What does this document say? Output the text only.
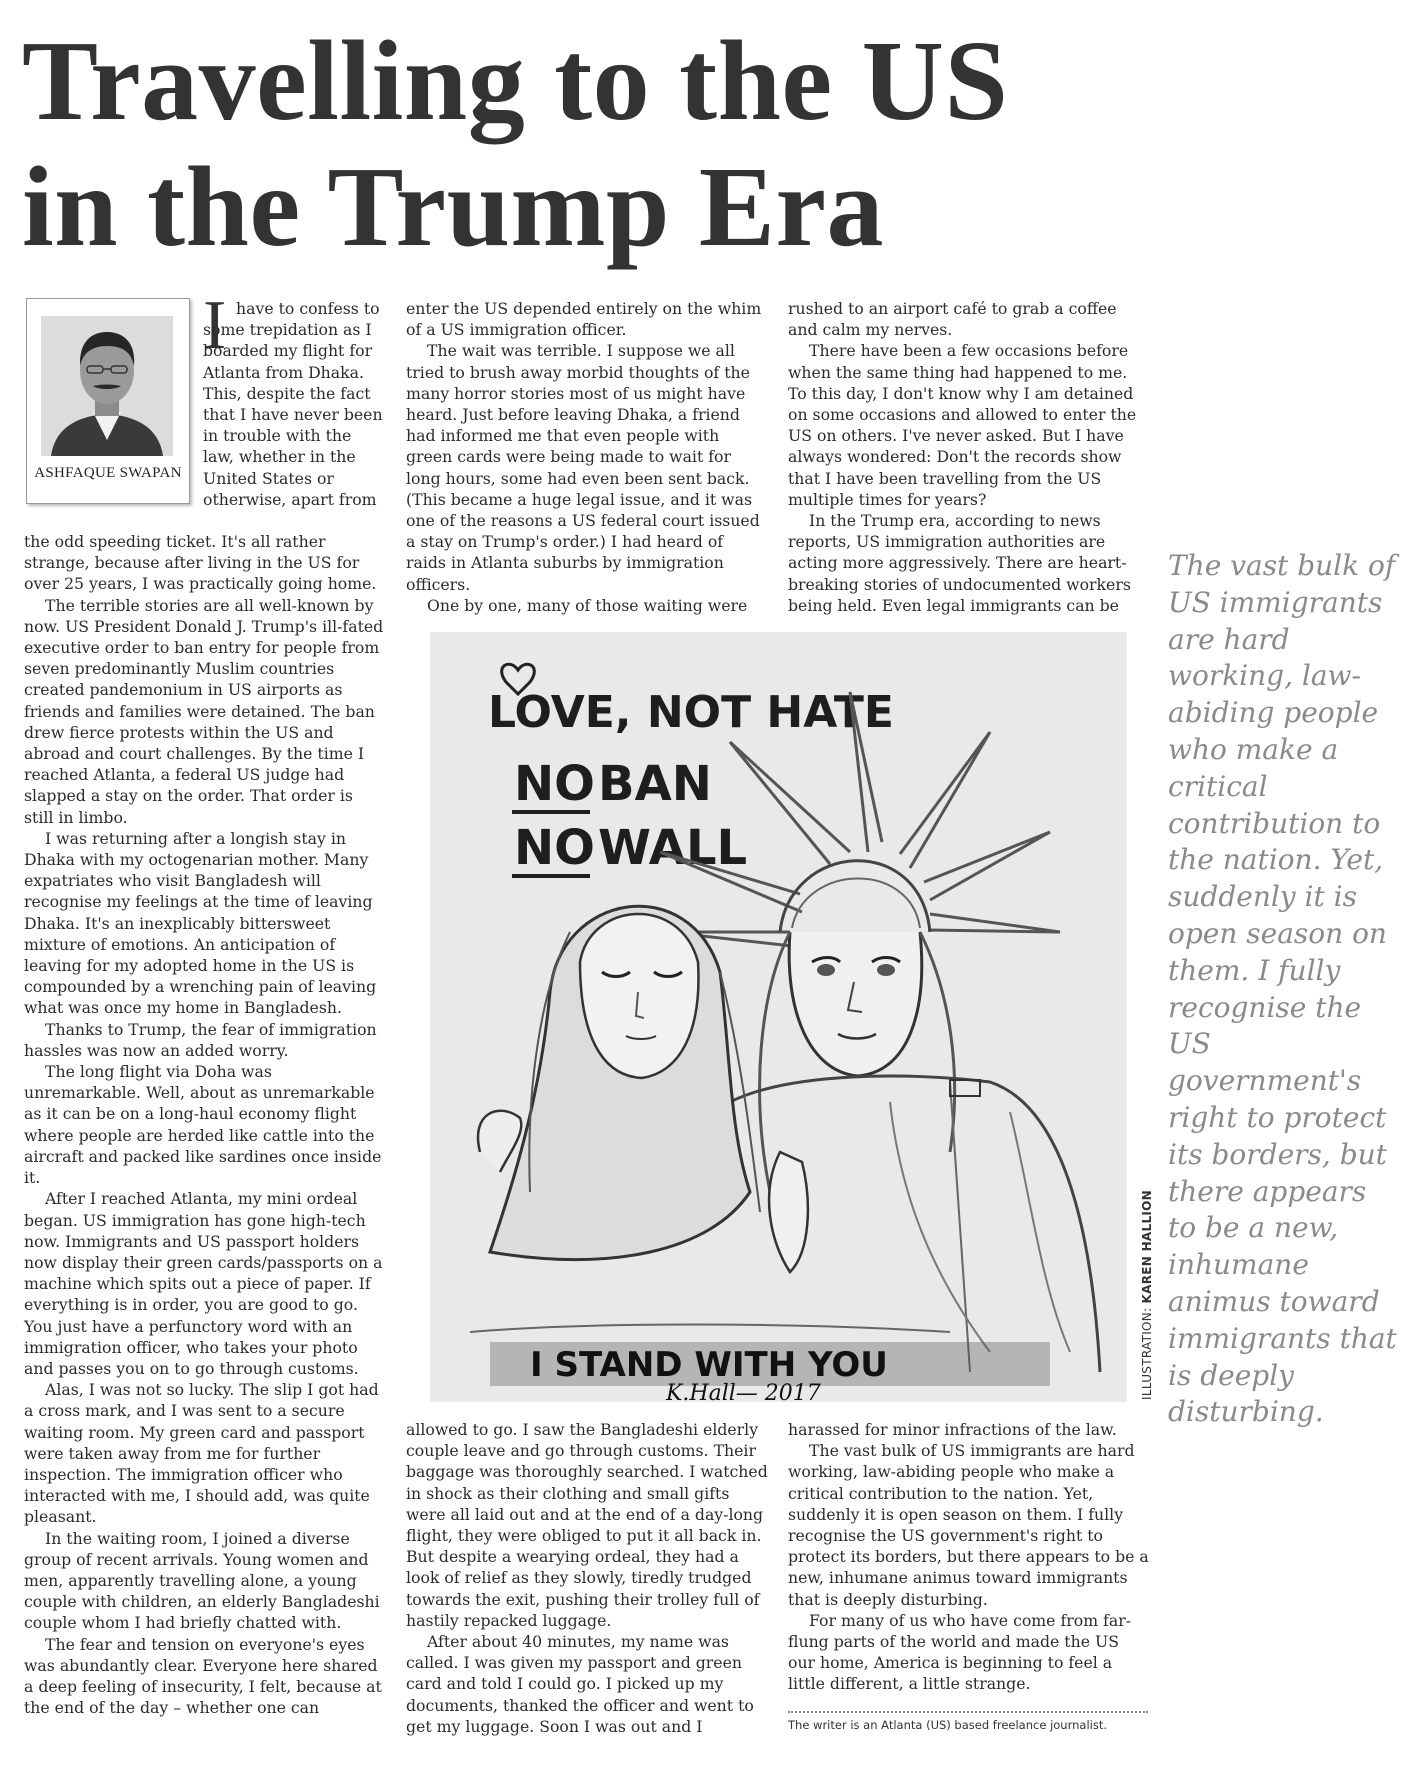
Travelling to the US
in the Trump Era
ASHFAQUE SWAPAN
I have to confess to some trepidation as I boarded my flight for Atlanta from Dhaka. This, despite the fact that I have never been in trouble with the law, whether in the United States or otherwise, apart from

the odd speeding ticket. It's all rather strange, because after living in the US for over 25 years, I was practically going home.

The terrible stories are all well-known by now. US President Donald J. Trump's ill-fated executive order to ban entry for people from seven predominantly Muslim countries created pandemonium in US airports as friends and families were detained. The ban drew fierce protests within the US and abroad and court challenges. By the time I reached Atlanta, a federal US judge had slapped a stay on the order. That order is still in limbo.

I was returning after a longish stay in Dhaka with my octogenarian mother. Many expatriates who visit Bangladesh will recognise my feelings at the time of leaving Dhaka. It's an inexplicably bittersweet mixture of emotions. An anticipation of leaving for my adopted home in the US is compounded by a wrenching pain of leaving what was once my home in Bangladesh.

Thanks to Trump, the fear of immigration hassles was now an added worry.

The long flight via Doha was unremarkable. Well, about as unremarkable as it can be on a long-haul economy flight where people are herded like cattle into the aircraft and packed like sardines once inside it.

After I reached Atlanta, my mini ordeal began. US immigration has gone high-tech now. Immigrants and US passport holders now display their green cards/passports on a machine which spits out a piece of paper. If everything is in order, you are good to go. You just have a perfunctory word with an immigration officer, who takes your photo and passes you on to go through customs.

Alas, I was not so lucky. The slip I got had a cross mark, and I was sent to a secure waiting room. My green card and passport were taken away from me for further inspection. The immigration officer who interacted with me, I should add, was quite pleasant.

In the waiting room, I joined a diverse group of recent arrivals. Young women and men, apparently travelling alone, a young couple with children, an elderly Bangladeshi couple whom I had briefly chatted with.

The fear and tension on everyone's eyes was abundantly clear. Everyone here shared a deep feeling of insecurity, I felt, because at the end of the day – whether one can

enter the US depended entirely on the whim of a US immigration officer.

The wait was terrible. I suppose we all tried to brush away morbid thoughts of the many horror stories most of us might have heard. Just before leaving Dhaka, a friend had informed me that even people with green cards were being made to wait for long hours, some had even been sent back. (This became a huge legal issue, and it was one of the reasons a US federal court issued a stay on Trump's order.) I had heard of raids in Atlanta suburbs by immigration officers.

One by one, many of those waiting were

rushed to an airport café to grab a coffee and calm my nerves.

There have been a few occasions before when the same thing had happened to me. To this day, I don't know why I am detained on some occasions and allowed to enter the US on others. I've never asked. But I have always wondered: Don't the records show that I have been travelling from the US multiple times for years?

In the Trump era, according to news reports, US immigration authorities are acting more aggressively. There are heart-breaking stories of undocumented workers being held. Even legal immigrants can be

LOVE, NOT HATE
NO BAN
NO WALL
I STAND WITH YOU
K.Hall— 2017	ILLUSTRATION: KAREN HALLION

allowed to go. I saw the Bangladeshi elderly couple leave and go through customs. Their baggage was thoroughly searched. I watched in shock as their clothing and small gifts were all laid out and at the end of a day-long flight, they were obliged to put it all back in. But despite a wearying ordeal, they had a look of relief as they slowly, tiredly trudged towards the exit, pushing their trolley full of hastily repacked luggage.

After about 40 minutes, my name was called. I was given my passport and green card and told I could go. I picked up my documents, thanked the officer and went to get my luggage. Soon I was out and I

harassed for minor infractions of the law.

The vast bulk of US immigrants are hard working, law-abiding people who make a critical contribution to the nation. Yet, suddenly it is open season on them. I fully recognise the US government's right to protect its borders, but there appears to be a new, inhumane animus toward immigrants that is deeply disturbing.

For many of us who have come from far-flung parts of the world and made the US our home, America is beginning to feel a little different, a little strange.

The vast bulk of US immigrants are hard working, law-abiding people who make a critical contribution to the nation. Yet, suddenly it is open season on them. I fully recognise the US government's right to protect its borders, but there appears to be a new, inhumane animus toward immigrants that is deeply disturbing.

The writer is an Atlanta (US) based freelance journalist.
